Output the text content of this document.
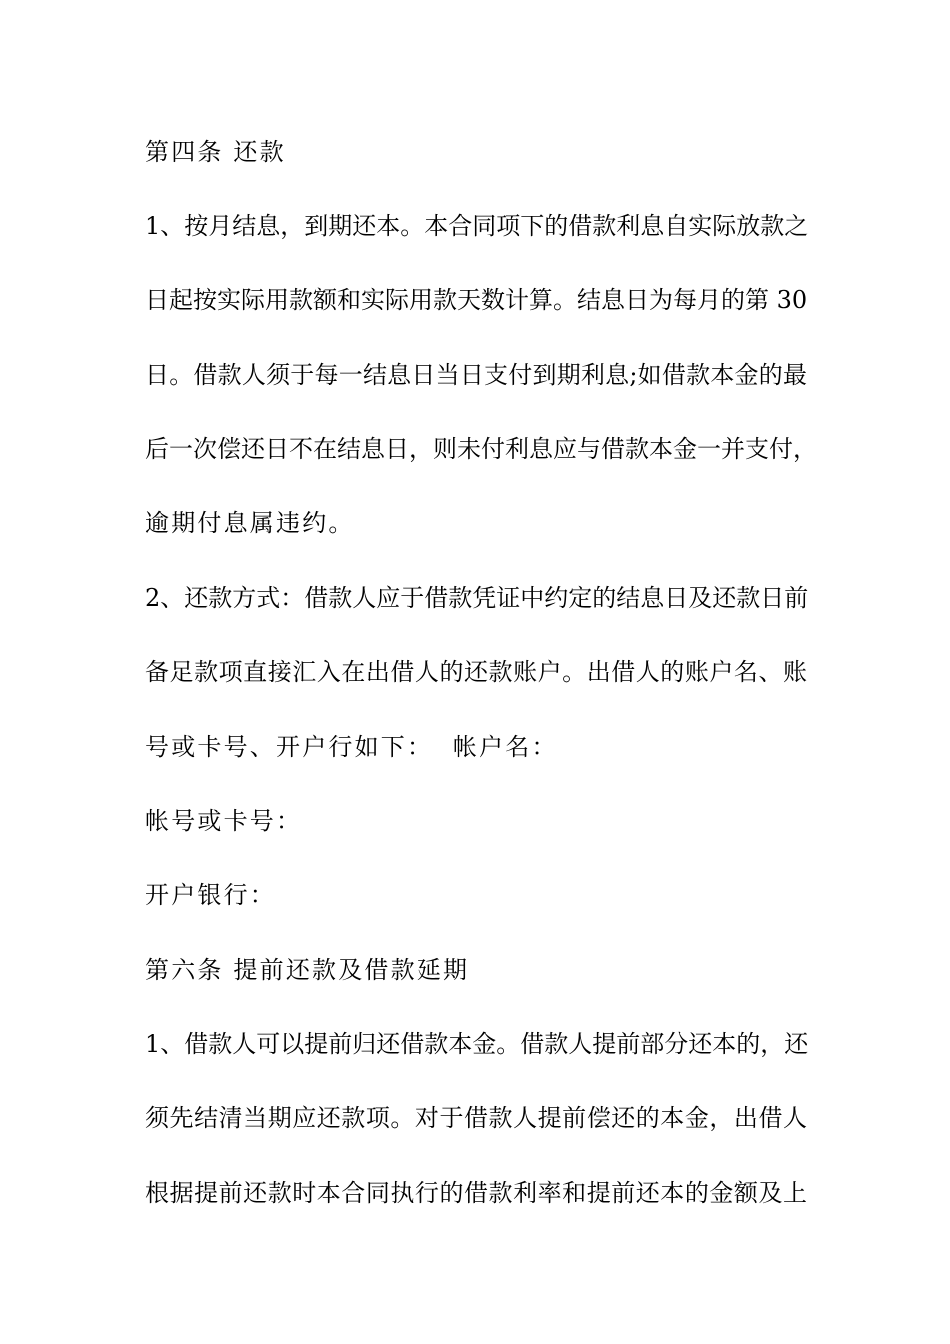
第四条 还款

1、按月结息，到期还本。本合同项下的借款利息自实际放款之

日起按实际用款额和实际用款天数计算。结息日为每月的第 30

日。借款人须于每一结息日当日支付到期利息;如借款本金的最

后一次偿还日不在结息日，则未付利息应与借款本金一并支付，

逾期付息属违约。

2、还款方式：借款人应于借款凭证中约定的结息日及还款日前

备足款项直接汇入在出借人的还款账户。出借人的账户名、账

号或卡号、开户行如下：  帐户名：

帐号或卡号：

开户银行：

第六条 提前还款及借款延期

1、借款人可以提前归还借款本金。借款人提前部分还本的，还

须先结清当期应还款项。对于借款人提前偿还的本金，出借人

根据提前还款时本合同执行的借款利率和提前还本的金额及上
